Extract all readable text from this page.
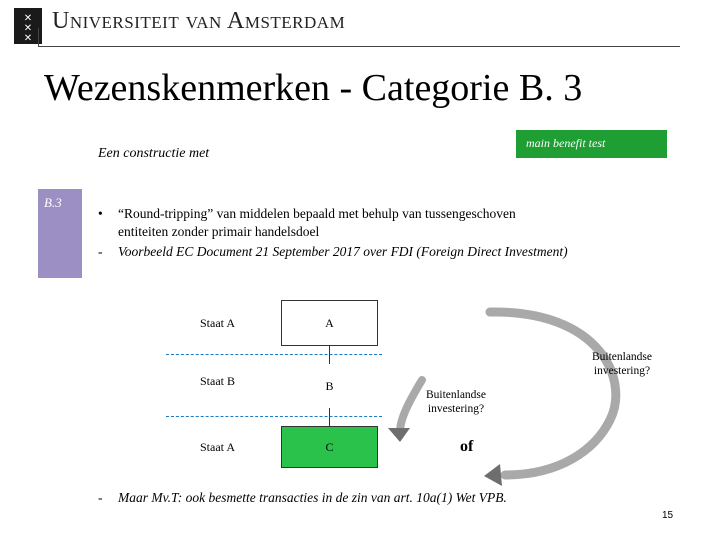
✕
✕
✕
Universiteit van Amsterdam
Wezenskenmerken - Categorie B. 3
Een constructie met
main benefit test
B.3
• “Round-tripping” van middelen bepaald met behulp van tussengeschoven
entiteiten zonder primair handelsdoel
- Voorbeeld EC Document 21 September 2017 over FDI (Foreign Direct Investment)
Staat A
Staat B
Staat A
A
B
C
Buitenlandse
investering?
Buitenlandse
investering?
of
- Maar Mv.T: ook besmette transacties in de zin van art. 10a(1) Wet VPB.
15
